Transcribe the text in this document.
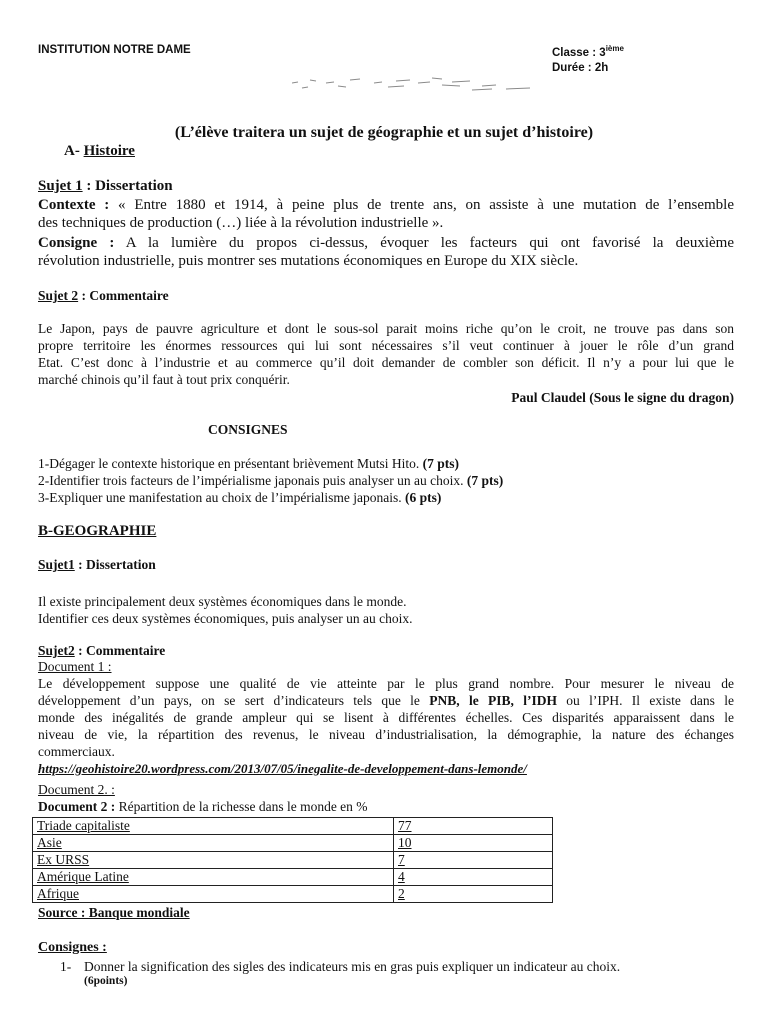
INSTITUTION NOTRE DAME	Classe : 3ième
Durée : 2h
(L’élève traitera un sujet de géographie et un sujet d’histoire)
A- Histoire
Sujet 1 : Dissertation
Contexte : « Entre 1880 et 1914, à peine plus de trente ans, on assiste à une mutation de l’ensemble
des techniques de production (…) liée à la révolution industrielle ».
Consigne : A la lumière du propos ci-dessus, évoquer les facteurs qui ont favorisé la deuxième
révolution industrielle, puis montrer ses mutations économiques en Europe du XIX siècle.
Sujet 2 : Commentaire
Le Japon, pays de pauvre agriculture et dont le sous-sol parait moins riche qu’on le croit, ne trouve pas dans son
propre territoire les énormes ressources qui lui sont nécessaires s’il veut continuer à jouer le rôle d’un grand
Etat. C’est donc à l’industrie et au commerce qu’il doit demander de combler son déficit. Il n’y a pour lui que le
marché chinois qu’il faut à tout prix conquérir.
Paul Claudel (Sous le signe du dragon)
CONSIGNES
1-Dégager le contexte historique en présentant brièvement Mutsi Hito. (7 pts)
2-Identifier trois facteurs de l’impérialisme japonais puis analyser un au choix. (7 pts)
3-Expliquer une manifestation au choix de l’impérialisme japonais. (6 pts)
B-GEOGRAPHIE
Sujet1 : Dissertation
Il existe principalement deux systèmes économiques dans le monde.
Identifier ces deux systèmes économiques, puis analyser un au choix.
Sujet2 : Commentaire
Document 1 :
Le développement suppose une qualité de vie atteinte par le plus grand nombre. Pour mesurer le niveau de
développement d’un pays, on se sert d’indicateurs tels que le PNB, le PIB, l’IDH ou l’IPH. Il existe dans le
monde des inégalités de grande ampleur qui se lisent à différentes échelles. Ces disparités apparaissent dans le
niveau de vie, la répartition des revenus, le niveau d’industrialisation, la démographie, la nature des échanges
commerciaux.
https://geohistoire20.wordpress.com/2013/07/05/inegalite-de-developpement-dans-lemonde/
Document 2. :
Document 2 : Répartition de la richesse dans le monde en %
Triade capitaliste	77
Asie	10
Ex URSS	7
Amérique Latine	4
Afrique	2
Source : Banque mondiale
Consignes :
1- Donner la signification des sigles des indicateurs mis en gras puis expliquer un indicateur au choix.
(6points)
